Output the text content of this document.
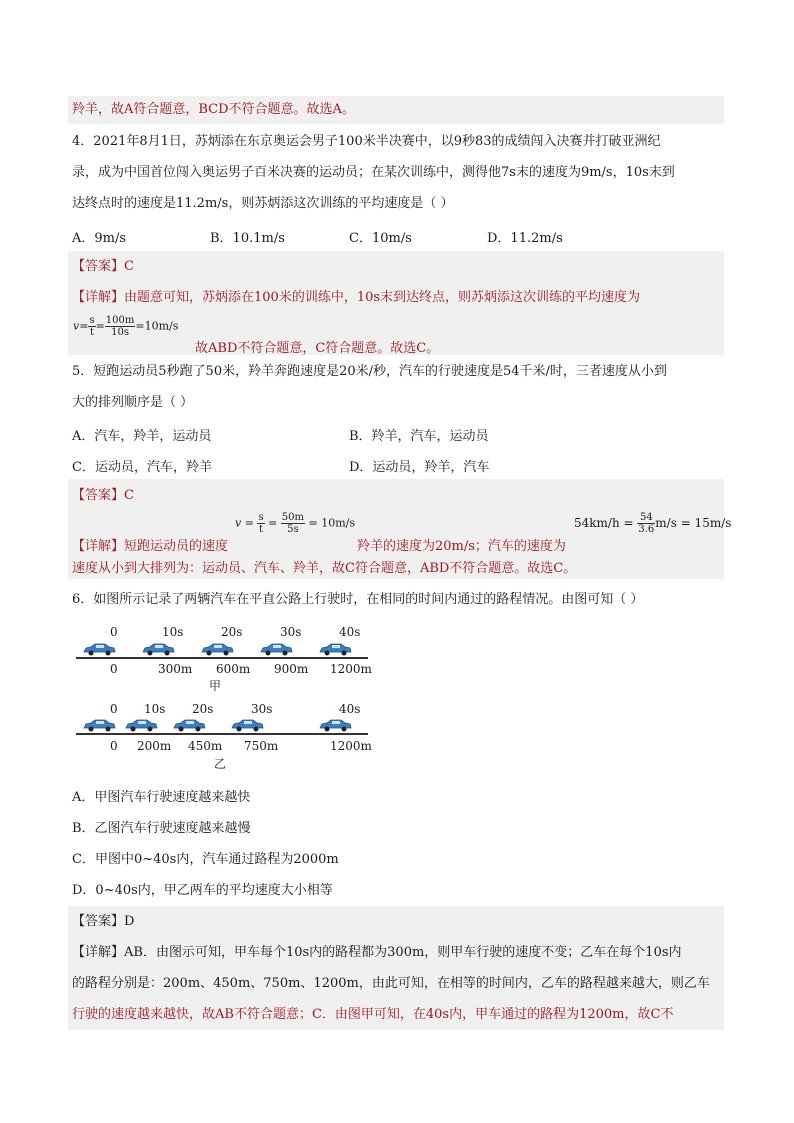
羚羊，故A符合题意，BCD不符合题意。故选A。
4．2021年8月1日，苏炳添在东京奥运会男子100米半决赛中，以9秒83的成绩闯入决赛并打破亚洲纪
录，成为中国首位闯入奥运男子百米决赛的运动员；在某次训练中，测得他7s末的速度为9m/s，10s末到
达终点时的速度是11.2m/s，则苏炳添这次训练的平均速度是（ ）
A．9m/s	B．10.1m/s	C．10m/s	D．11.2m/s
【答案】C
【详解】由题意可知，苏炳添在100米的训练中，10s末到达终点，则苏炳添这次训练的平均速度为
$v= \frac{s}{t} = \frac{100m}{10s} =10m/s$
故ABD不符合题意，C符合题意。故选C。
5．短跑运动员5秒跑了50米，羚羊奔跑速度是20米/秒，汽车的行驶速度是54千米/时，三者速度从小到
大的排列顺序是（ ）
A．汽车，羚羊，运动员	B．羚羊，汽车，运动员
C．运动员，汽车，羚羊	D．运动员，羚羊，汽车
【答案】C
$v = \frac{s}{t} = \frac{50m}{5s} = 10m/s$	$54km/h = \frac{54}{3.6} m/s = 15m/s$
【详解】短跑运动员的速度	羚羊的速度为20m/s；汽车的速度为
速度从小到大排列为：运动员、汽车、羚羊，故C符合题意，ABD不符合题意。故选C。
6．如图所示记录了两辆汽车在平直公路上行驶时，在相同的时间内通过的路程情况。由图可知（ ）
0	10s	20s	30s	40s
0	300m 600m 900m 1200m
甲
0 10s 20s	30s	40s
0 200m 450m 750m	1200m
乙
A．甲图汽车行驶速度越来越快
B．乙图汽车行驶速度越来越慢
C．甲图中0~40s内，汽车通过路程为2000m
D．0~40s内，甲乙两车的平均速度大小相等
【答案】D
【详解】AB．由图示可知，甲车每个10s内的路程都为300m，则甲车行驶的速度不变；乙车在每个10s内
的路程分别是：200m、450m、750m、1200m，由此可知，在相等的时间内，乙车的路程越来越大，则乙车
行驶的速度越来越快，故AB不符合题意；C．由图甲可知，在40s内，甲车通过的路程为1200m，故C不
